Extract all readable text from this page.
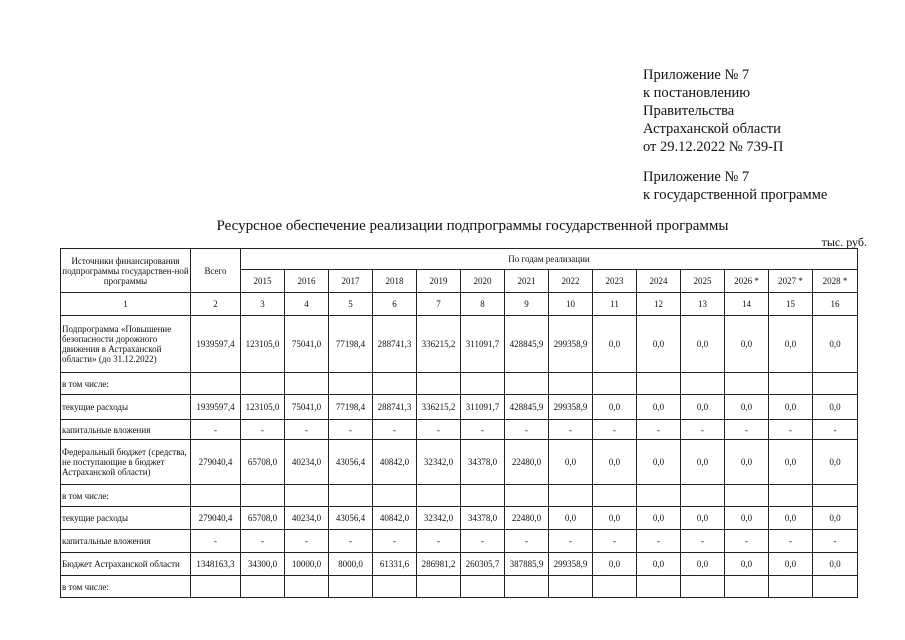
Приложение № 7
к постановлению
Правительства
Астраханской области
от 29.12.2022 № 739-П
Приложение № 7
к государственной программе
Ресурсное обеспечение реализации подпрограммы государственной программы
тыс. руб.
Источники финансирования подпрограммы государствен-ной программы	Всего	По годам реализации													
		2015	2016	2017	2018	2019	2020	2021	2022	2023	2024	2025	2026 *	2027 *	2028 *
1	2	3	4	5	6	7	8	9	10	11	12	13	14	15	16
Подпрограмма «Повышение безопасности дорожного движения в Астраханской области» (до 31.12.2022)	1939597,4	123105,0	75041,0	77198,4	288741,3	336215,2	311091,7	428845,9	299358,9	0,0	0,0	0,0	0,0	0,0	0,0
в том числе:															
текущие расходы	1939597,4	123105,0	75041,0	77198,4	288741,3	336215,2	311091,7	428845,9	299358,9	0,0	0,0	0,0	0,0	0,0	0,0
капитальные вложения	-	-	-	-	-	-	-	-	-	-	-	-	-	-	-
Федеральный бюджет (средства, не поступающие в бюджет Астраханской области)	279040,4	65708,0	40234,0	43056,4	40842,0	32342,0	34378,0	22480,0	0,0	0,0	0,0	0,0	0,0	0,0	0,0
в том числе:															
текущие расходы	279040,4	65708,0	40234,0	43056,4	40842,0	32342,0	34378,0	22480,0	0,0	0,0	0,0	0,0	0,0	0,0	0,0
капитальные вложения	-	-	-	-	-	-	-	-	-	-	-	-	-	-	-
Бюджет Астраханской области	1348163,3	34300,0	10000,0	8000,0	61331,6	286981,2	260305,7	387885,9	299358,9	0,0	0,0	0,0	0,0	0,0	0,0
в том числе:															
